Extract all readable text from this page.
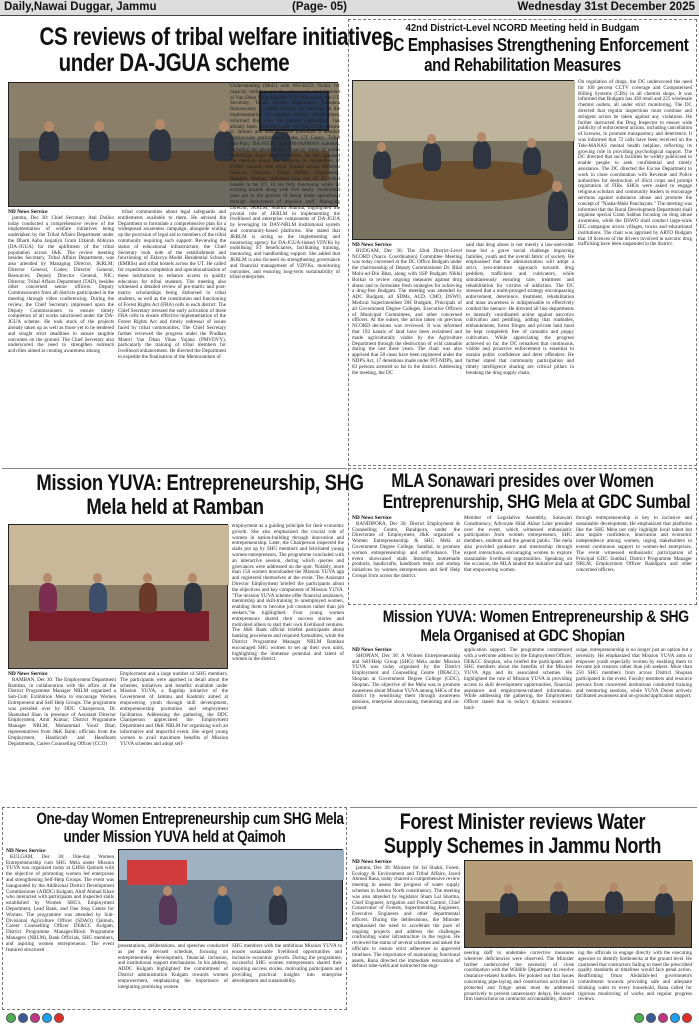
Daily,Nawai Duggar, Jammu	(Page- 05)	Wednesday 31st December 2025
CS reviews of tribal welfare initiatives
under DA-JGUA scheme
ND News Service

jammu, Dec 30: Chief Secretary Atal Dulloo today conducted a comprehensive review of the implementation of welfare initiatives being undertaken by the Tribal Affairs Department under the Dharti Aaba Janjatiya Gram Utkarsh Abhiyan (DA-JGUA) for the upliftment of the tribal population across J&K. The review meeting besides Secretary, Tribal Affairs Department, was also attended by Managing Director, JKRLM; Director General, Codes; Director General, Resources; Deputy Director General, NIC; Director, Tribal Affairs Department (TAD), besides other concerned senior officers. Deputy Commissioners from all districts participated in the meeting through video conferencing. During the review, the Chief Secretary impressed upon the Deputy Commissioners to ensure timely completion of all works sanctioned under the DA-JGUA scheme. He took stock of the projects already taken up as well as those yet to be tendered and sought strict deadlines to ensure tangible outcomes on the ground. The Chief Secretary also underscored the need to strengthen outreach activities aimed at creating awareness among

tribal communities about legal safeguards and entitlements available to them. He advised the Department to formulate a comprehensive plan for a widespread awareness campaign, alongside scaling up the provision of legal aid to members of the tribal community requiring such support. Reviewing the status of educational infrastructure, the Chief Secretary took note of the establishment and functioning of Eklavya Model Residential Schools (EMRSs) and tribal hostels across the UT. He called for expeditious completion and operationalization of these institutions to enhance access to quality education for tribal students. The meeting also witnessed a detailed review of pre-matric and post-matric scholarships being disbursed to tribal students, as well as the constitution and functioning of Forest Rights Act (FRA) cells in each district. The Chief Secretary stressed the early activation of these FRA cells to ensure effective implementation of the Forest Rights Act and timely redressal of issues faced by tribal communities. The Chief Secretary further reviewed the progress under the Pradhan Mantri Van Dhan Vikas Yojana (PMVDVY), particularly the training of tribal members for livelihood enhancement. He directed the Department to expedite the finalisation of the Memorandum of

Understanding (MoU) with NIS-BUD, Noida, for capacity building and the subsequent establishment of Van Dhan Vikas Kendras (VDVKs) across the UT. Secretary, Tribal Affairs Department, Prasanna Ramaswamy G, while briefing the meeting on the implementation of various welfare programmes, informed that over 70 percent expenditure has already been achieved under the DA-JGUA scheme in Jammu and Kashmir. He presented a detailed district-wise performance under UT Capex, Tribal Sub-Plan, DA-JGUA, and PM-JANMAN schemes, including the physical and financial status of works undertaken under these initiatives. He also apprised the meeting about the progress in completion of EMRS schools and tribal hostels across different districts. Director, Tribal Affairs Department, Mukhtar Ahmad, informed that out of 28 tribal hostels in the UT, 16 are fully functional, while 12 existing hostels along with five newly constructed ones are in the process of being made operational through deployment of requisite staff. Managing Director, JKRLM, Subhra Sharma, highlighted the pivotal role of JKRLM in implementing the livelihood and enterprise components of DA-JGUA by leveraging its DAY-NRLM institutional system and community-based platforms. She stated that JKRLM is acting as the implementing and monitoring agency for DA-JGUA-linked VDVKs by mobilising ST beneficiaries, facilitating training, mentoring, and handholding support. She added that JKRLM is also focused on strengthening governance and financial management of VDVKs, monitoring outcomes, and ensuring long-term sustainability of tribal enterprises.

42nd District-Level NCORD Meeting held in Budgam
DC Emphasises Strengthening Enforcement
and Rehabilitation Measures

On regulation of drugs, the DC underscored the need for 100 percent CCTV coverage and Computerised Billing Systems (CBS) in all chemist shops. It was informed that Budgam has 430 retail and 225 wholesale chemist outlets, all under strict monitoring. The DC directed that regular inspections must continue and stringent action be taken against any violations. He further instructed the Drug Inspector to ensure wide publicity of enforcement actions, including cancellation of licences, to promote transparency and deterrence. It was informed that 72 calls have been received on the Tele-MANAS mental health helpline, reflecting its growing role in providing psychological support. The DC directed that such facilities be widely publicised to enable people to seek confidential and timely assistance. The DC directed the Excise Department to work in close coordination with Revenue and Police authorities for destruction of illicit crops and prompt registration of FIRs. SHOs were asked to engage religious scholars and community leaders to encourage sermons against substance abuse and promote the concept of "Nasha-Mukt Panchayats." The meeting was informed that the Rural Development Department shall organise special Gram Sabhas focusing on drug abuse awareness, while the DSWO shall conduct large-scale IEC campaigns across villages, towns and educational institutions. The chair was apprised by ARTO Budgam that 18 licences of the drivers involved in narcotic drug trafficking have been suspended in the district.

ND News Service

BUDGAM, Dec 30: The 42nd District-Level NCORD (Narco Coordination) Committee Meeting was today convened at the DC Office Budgam under the chairmanship of Deputy Commissioner Dr. Bilal Mohi-ud-Din Bhat, along with SSP Budgam Nikhil Borkar to review ongoing measures against drug abuse and to formulate fresh strategies for achieving a drug-free Budgam. The meeting was attended by ADC Budgam, all SDMs, ACD, CMO, DSWO, Medical Superintendent DH Budgam, Principals of all Government Degree Colleges, Executive Officers of Municipal Committees, and other concerned officers. At the outset, the action taken on previous NCORD decisions was reviewed. It was informed that 192 kanals of land have been reclaimed and made agriculturally viable by the Agriculture Department through the destruction of wild cannabis during the last three years. The chair was also apprised that 58 cases have been registered under the NDPS Act, 17 detentions made under PIT-NDPS, and 83 persons arrested so far in the district. Addressing the meeting, the DC

said that drug abuse is not merely a law-and-order issue but a grave social challenge impacting families, youth and the overall fabric of society. He emphasised that the administration will adopt a strict, zero-tolerance approach towards drug peddlers, traffickers and cultivators, while simultaneously ensuring care, treatment and rehabilitation for victims of addiction. The DC stressed that a multi-pronged strategy encompassing enforcement, deterrence, treatment, rehabilitation and mass awareness is indispensable to effectively combat the menace. He directed all line departments to intensify coordinated action against narcotics cultivation and peddling, adding that roadsides, embankments, forest fringes and private land must be kept completely free of cannabis and poppy cultivation. While appreciating the progress achieved so far, the DC remarked that continuous, visible and proactive enforcement is essential to sustain public confidence and deter offenders. He further stated that community participation and timely intelligence sharing are critical pillars in breaking the drug supply chain.

Mission YUVA: Entrepreneurship, SHG
Mela held at Ramban

employment as a guiding principle for their economic growth. She also emphasized the crucial role of women in nation-building through innovation and entrepreneurship. Later, the Chairperson inspected the stalls put up by SHG members and felicitated young women entrepreneurs. The programme concluded with an interactive session, during which queries and grievances were addressed on the spot. Notably, more than 150 women downloaded the Mission YUVA app and registered themselves at the event. The Assistant Director Employment briefed the participants about the objectives and key components of Mission YUVA. "The mission YUVA scheme offer financial assistance, mentorship and skill-training to unemployed women, enabling them to become job creators rather than job seekers,"he highlighted. Four young women entrepreneurs shared their success stories and motivated others to start their own livelihood ventures. The J&K Bank official briefed participants about banking procedures and required formalities, while the District Programme Manager NRLM Ramban encouraged SHG women to set up their own units, highlighting the immense potential and talent of women in the district.

ND News Service

RAMBAN, Dec 30: The Employment Department Ramban, in collaboration with the office of the District Programme Manager NRLM organized a Sub-Cum Exhibition Mela to encourage Women Entrepreneur and Self Help Groups. The programme was presided over by DDC Chairperson, Dr. Shamshad Shan in presence of Assistant Director Employment, Amit Kumar; District Programme Manager NRLM, Mohammad Yousf Bhat; representatives from J&K Bank; officials from the Employment, Handicraft and Handloom Departments, Career Counselling Officer (CCO)

Employment and a large number of SHG members. The participants were apprised in detail about the schemes, initiatives and benefits available under Mission YUVA, a flagship initiative of the Government of Jammu and Kashmir aimed at empowering youth through skill development, entrepreneurship promotion and employment facilitation. Addressing the gathering, the DDC Chairperson appreciated the Employment Department and J&K NRLM for organising such an informative and impactful event. She urged young women to avail maximum benefits of Mission YUVA schemes and adopt self-

MLA Sonawari presides over Women
Entreprenurship, SHG Mela at GDC Sumbal
ND News Service

BANDIPORA, Dec 30: District Employment & Counselling Centre, Bandipora, under the Directorate of Employment, J&K organized a Women Entrepreneurship & SHG Mela at Government Degree College, Sumbal, to promote women entrepreneurship and self-reliance. The event showcased stalls featuring homemade products, handicrafts, handloom items and startup initiatives by women entrepreneurs and Self Help Groups from across the district.

Member of Legislative Assembly, Sonawari Constituency, Advocate Hilal Akbar Lone presided over the event, which witnessed enthusiastic participation from women entrepreneurs, SHG members, students and the general public. The mela also provided guidance and mentorship through expert interactions, encouraging women to explore sustainable livelihood opportunities. Speaking on the occasion, the MLA lauded the initiative and said that empowering women

through entrepreneurship is key to inclusive and sustainable development. He emphasized that platforms like the SHG Mela not only highlight local talent but also inspire confidence, innovation and economic independence among women, urging stakeholders to extend continuous support to women-led enterprises. The event witnessed enthusiastic participation of Principal GDC Sumbal, District Programme Manager NRLM, Employment Officer Bandipora and other concerned officers.

Mission YUVA: Women Entrepreneurship & SHG
Mela Organised at GDC Shopian
ND News Service

SHOPIAN, Dec 30: A Women Entrepreneurship and Self-Help Group (SHG) Mela under Mission YUVA was today organised by the District Employment and Counselling Centre (DE&CC), Shopian at Government Degree College (GDC), Shopian. The objective of the Mela was to promote awareness about Mission YUVA among SHGs of the district by sensitising them through awareness sessions, enterprise showcasing, mentoring and on-ground

application support. The programme commenced with a welcome address by the Employment Officer, DE&CC Shopian, who briefed the participants and SHG members about the benefits of the Mission YUVA App and its associated schemes. He highlighted the role of Mission YUVA in providing access to skill development opportunities, financial assistance and employment-related information. While addressing the gathering, the Employment Officer stated that in today's dynamic economic land-

scape, entrepreneurship is no longer just an option but a necessity. He emphasized that Mission YUVA aims to empower youth especially women by enabling them to become job creators rather than job seekers. More than 250 SHG members from across District Shopian participated in the event. Faculty members and resource persons from concerned institutions conducted training and mentoring sessions, while YUVA Doots actively facilitated awareness and on-ground application support.

One-day Women Entrepreneurship cum SHG Mela
under Mission YUVA held at Qaimoh
ND News Service

KULGAM, Dec 30: One-day Women Entrepreneurship cum SHG Mela under Mission YUVA was organized today at GHSS Qaimoh with the objective of promoting women led enterprises and strengthening Self-Help Groups. The event was inaugurated by the Additional District Development Commissioner (ADDC) Kulgam, Altaf Ahmad Khan who interacted with participants and inspected stalls established by Women SHG's, Employment Department, Lead Bank, and One Stop Centre for Women. The programme was attended by Sub-Divisional Agriculture Officer (SDAO) Qaimoh, Career Counselling Officer DE&CC Kulgam, District Programme Manager/Block Programme Managers (NRLM), Bank Officials, SHG members, and aspiring women entrepreneurs. The event featured structured

presentations, deliberations, and speeches conducted as per the devised schedule, focusing on entrepreneurship development, financial inclusion, and institutional support mechanisms. In his address, ADDC Kulgam highlighted the commitment of District administration Kulgam towards women empowerment, emphasizing the importance of integrating promising women

SHG members with the ambitious Mission YUVA to ensure sustainable livelihood opportunities and inclusive economic growth. During the programme, successful SHG women entrepreneurs shared their inspiring success stories, motivating participants and providing practical insights into enterprise development and sustainability.

Forest Minister reviews Water
Supply Schemes in Jammu North
ND News Service

jammu, Dec 30: Minister for Jal Shakti, Forest, Ecology & Environment and Tribal Affairs, Javed Ahmed Rana, today chaired a comprehensive review meeting to assess the progress of water supply schemes in Jammu North constituency. The meeting was also attended by legislator Sham Lal Sharma, Chief Engineer, Irrigation and Flood Control, Chief Conservator of Forests, Superintending Engineers, Executive Engineers and other departmental officers. During the deliberations, the Minister emphasised the need to accelerate the pace of ongoing projects and address the challenges confronting water infrastructure in the region. He reviewed the status of several schemes and asked the officials to ensure strict adherence to approved timelines. The importance of maintaining functional assets, Rana directed the immediate restoration of defunct tube-wells and instructed the engi-

neering staff to undertake corrective measures wherever deficiencies were observed. The Minister further underscored the necessity of close coordination with the Wildlife Department to resolve clearance-related hurdles. He pointed out that issues concerning pipe-laying and construction activities in protected and fringe areas must be addressed proactively to prevent unnecessary delays. He issued firm instructions on contractor accountability, direct-

ing the officials to engage directly with the executing agencies to identify bottlenecks at the ground level. He cautioned that contractors failing to meet the prescribed quality standards or timelines would face penal action. Reaffirming Omar Abdullah-led government's commitment towards providing safe and adequate drinking water to every household, Rana called for rigorous monitoring of works and regular progress reviews.
